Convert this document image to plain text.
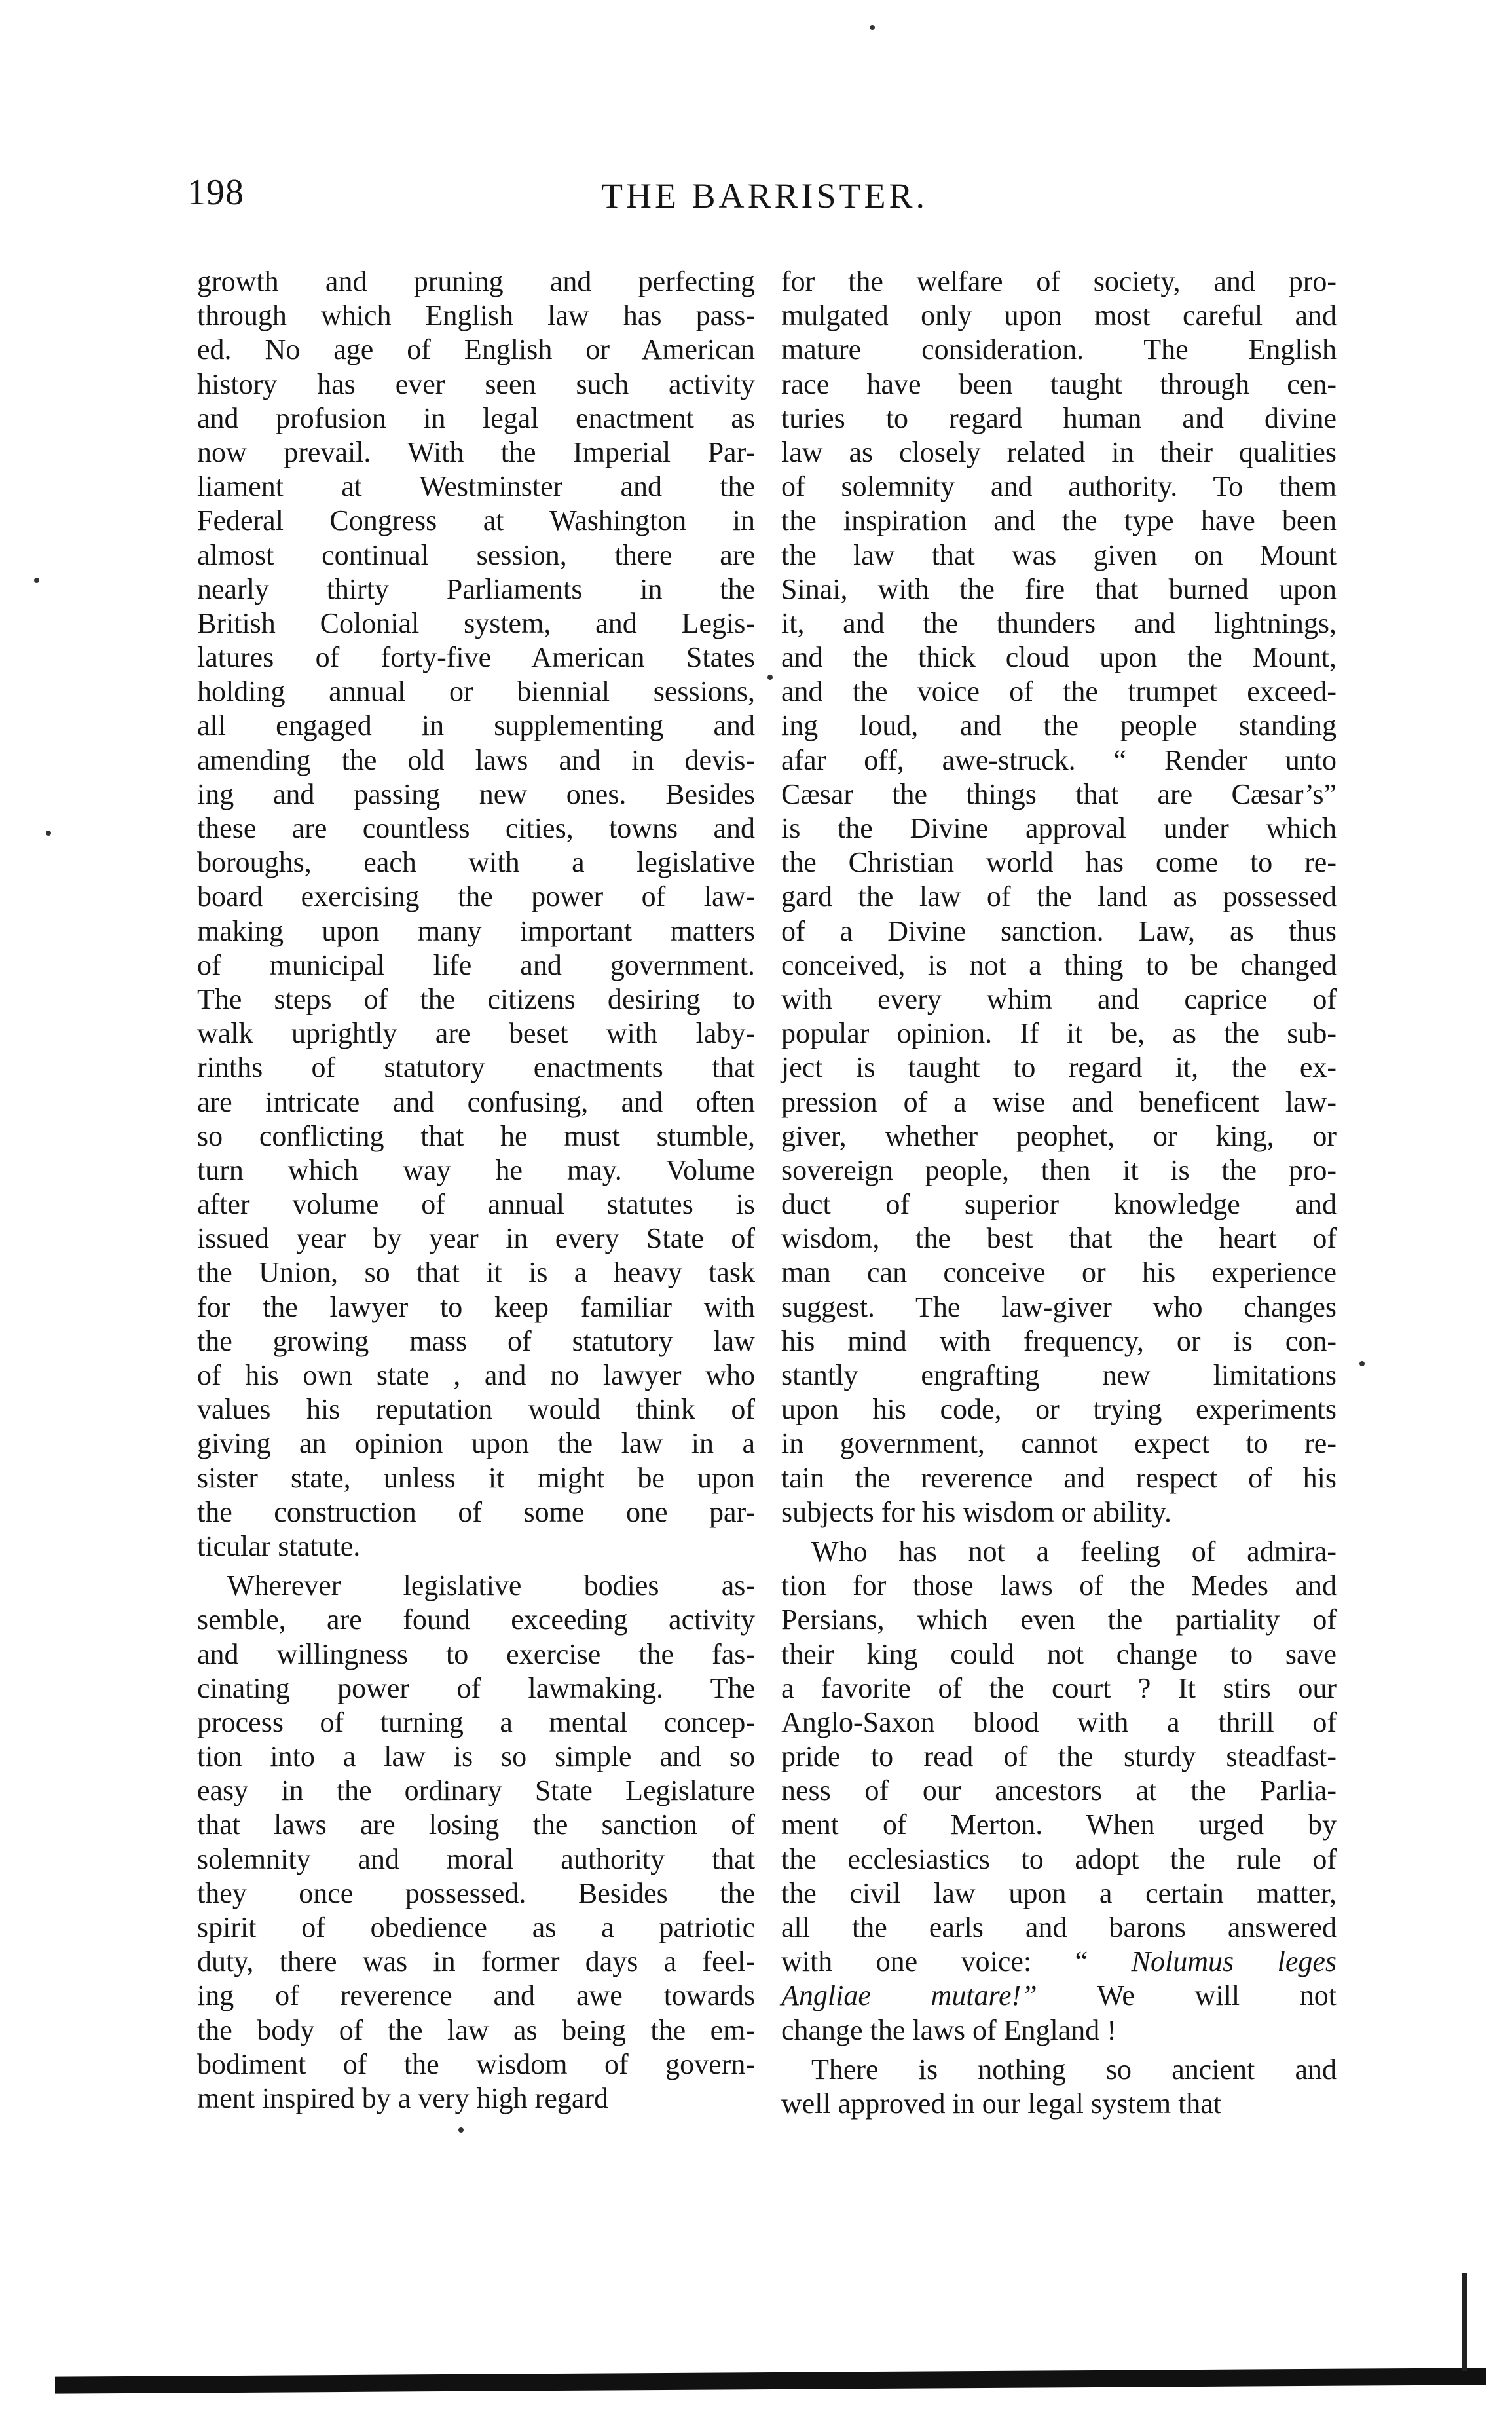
198	THE BARRISTER.
growth and pruning and perfecting
through which English law has pass-
ed. No age of English or American
history has ever seen such activity
and profusion in legal enactment as
now prevail. With the Imperial Par-
liament at Westminster and the
Federal Congress at Washington in
almost continual session, there are
nearly thirty Parliaments in the
British Colonial system, and Legis-
latures of forty-five American States
holding annual or biennial sessions,
all engaged in supplementing and
amending the old laws and in devis-
ing and passing new ones. Besides
these are countless cities, towns and
boroughs, each with a legislative
board exercising the power of law-
making upon many important matters
of municipal life and government.
The steps of the citizens desiring to
walk uprightly are beset with laby-
rinths of statutory enactments that
are intricate and confusing, and often
so conflicting that he must stumble,
turn which way he may. Volume
after volume of annual statutes is
issued year by year in every State of
the Union, so that it is a heavy task
for the lawyer to keep familiar with
the growing mass of statutory law
of his own state , and no lawyer who
values his reputation would think of
giving an opinion upon the law in a
sister state, unless it might be upon
the construction of some one par-
ticular statute.
Wherever legislative bodies as-
semble, are found exceeding activity
and willingness to exercise the fas-
cinating power of lawmaking. The
process of turning a mental concep-
tion into a law is so simple and so
easy in the ordinary State Legislature
that laws are losing the sanction of
solemnity and moral authority that
they once possessed. Besides the
spirit of obedience as a patriotic
duty, there was in former days a feel-
ing of reverence and awe towards
the body of the law as being the em-
bodiment of the wisdom of govern-
ment inspired by a very high regard
for the welfare of society, and pro-
mulgated only upon most careful and
mature consideration. The English
race have been taught through cen-
turies to regard human and divine
law as closely related in their qualities
of solemnity and authority. To them
the inspiration and the type have been
the law that was given on Mount
Sinai, with the fire that burned upon
it, and the thunders and lightnings,
and the thick cloud upon the Mount,
and the voice of the trumpet exceed-
ing loud, and the people standing
afar off, awe-struck. “ Render unto
Cæsar the things that are Cæsar’s”
is the Divine approval under which
the Christian world has come to re-
gard the law of the land as possessed
of a Divine sanction. Law, as thus
conceived, is not a thing to be changed
with every whim and caprice of
popular opinion. If it be, as the sub-
ject is taught to regard it, the ex-
pression of a wise and beneficent law-
giver, whether peophet, or king, or
sovereign people, then it is the pro-
duct of superior knowledge and
wisdom, the best that the heart of
man can conceive or his experience
suggest. The law-giver who changes
his mind with frequency, or is con-
stantly engrafting new limitations
upon his code, or trying experiments
in government, cannot expect to re-
tain the reverence and respect of his
subjects for his wisdom or ability.
Who has not a feeling of admira-
tion for those laws of the Medes and
Persians, which even the partiality of
their king could not change to save
a favorite of the court ? It stirs our
Anglo-Saxon blood with a thrill of
pride to read of the sturdy steadfast-
ness of our ancestors at the Parlia-
ment of Merton. When urged by
the ecclesiastics to adopt the rule of
the civil law upon a certain matter,
all the earls and barons answered
with one voice: “ Nolumus leges
Angliae mutare!” We will not
change the laws of England !
There is nothing so ancient and
well approved in our legal system that
